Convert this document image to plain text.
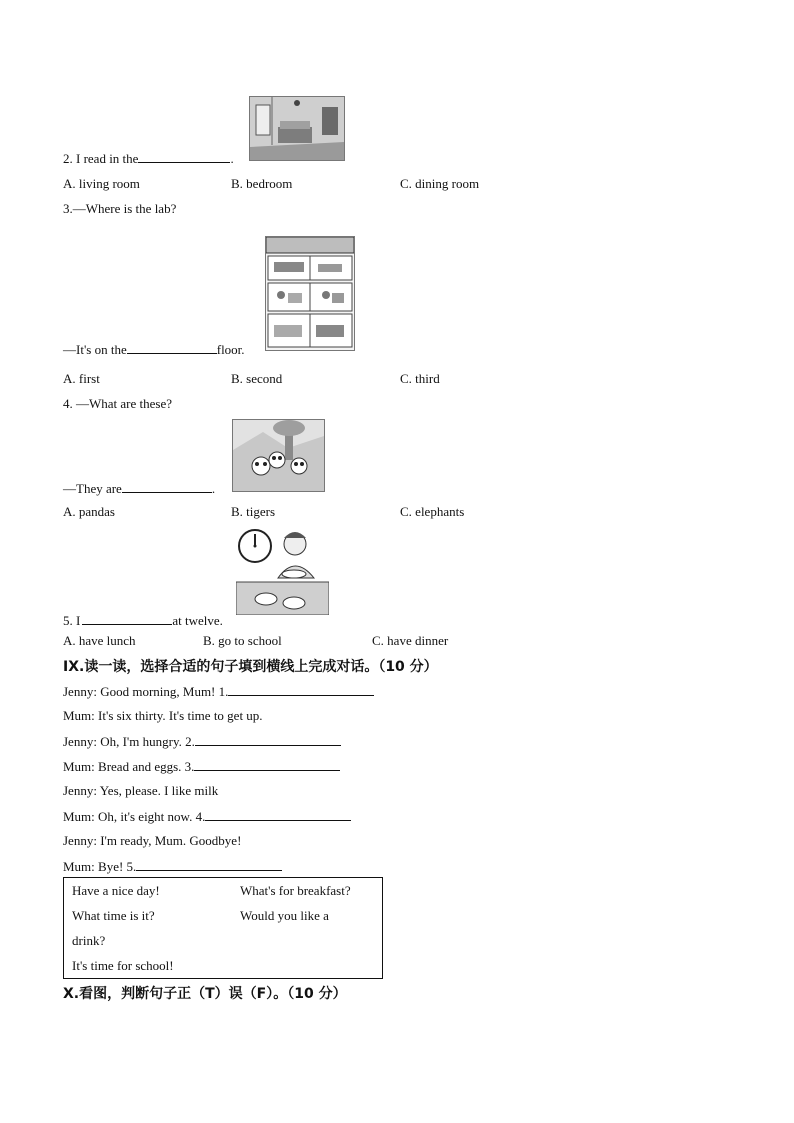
2. I read in the	.
A. living room	B. bedroom	C. dining room
3.—Where is the lab?
—It's on the	floor.
A. first	B. second	C. third
4. —What are these?
—They are	.
A. pandas	B. tigers	C. elephants
5. I	at twelve.
A. have lunch	B. go to school	C. have dinner
IX.读一读，选择合适的句子填到横线上完成对话。（10 分）
Jenny: Good morning, Mum! 1.
Mum: It's six thirty. It's time to get up.
Jenny: Oh, I'm hungry. 2.
Mum: Bread and eggs. 3.
Jenny: Yes, please. I like milk
Mum: Oh, it's eight now. 4.
Jenny: I'm ready, Mum. Goodbye!
Mum: Bye! 5.
Have a nice day!	What's for breakfast?
What time is it?	Would you like a
drink?
It's time for school!
X.看图，判断句子正（T）误（F）。（10 分）
